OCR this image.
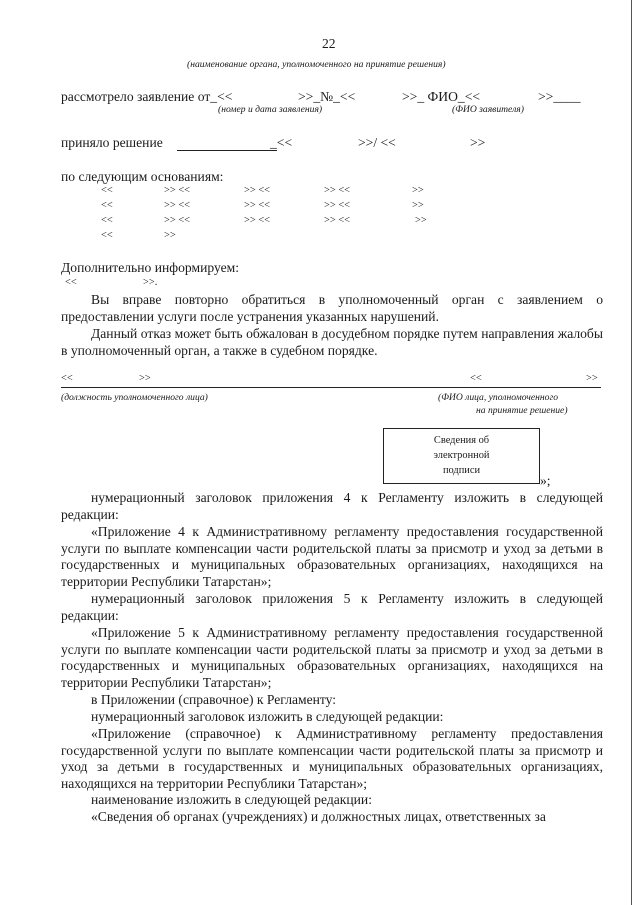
22
(наименование органа, уполномоченного на принятие решения)
рассмотрело заявление от_<<	>>_№_<<	>>_ ФИО_<<	>>____
(номер и дата заявления)	(ФИО заявителя)
приняло решение	_<<	>>/ <<	>>
по следующим основаниям:
<<	>> <<	>> <<	>> <<	>>
<<	>> <<	>> <<	>> <<	>>
<<	>> <<	>> <<	>> <<	>>
<<	>>
Дополнительно информируем:
<<	>>.
Вы вправе повторно обратиться в уполномоченный орган с заявлением о предоставлении услуги после устранения указанных нарушений.
Данный отказ может быть обжалован в досудебном порядке путем направления жалобы в уполномоченный орган, а также в судебном порядке.
<<	>>	<<	>>
(должность уполномоченного лица)	(ФИО лица, уполномоченного
на принятие решение)
Сведения об
электронной
подписи
»;
нумерационный заголовок приложения 4 к Регламенту изложить в следующей редакции:
«Приложение 4 к Административному регламенту предоставления государственной услуги по выплате компенсации части родительской платы за присмотр и уход за детьми в государственных и муниципальных образовательных организациях, находящихся на территории Республики Татарстан»;
нумерационный заголовок приложения 5 к Регламенту изложить в следующей редакции:
«Приложение 5 к Административному регламенту предоставления государственной услуги по выплате компенсации части родительской платы за присмотр и уход за детьми в государственных и муниципальных образовательных организациях, находящихся на территории Республики Татарстан»;
в Приложении (справочное) к Регламенту:
нумерационный заголовок изложить в следующей редакции:
«Приложение (справочное) к Административному регламенту предоставления государственной услуги по выплате компенсации части родительской платы за присмотр и уход за детьми в государственных и муниципальных образовательных организациях, находящихся на территории Республики Татарстан»;
наименование изложить в следующей редакции:
«Сведения об органах (учреждениях) и должностных лицах, ответственных за
